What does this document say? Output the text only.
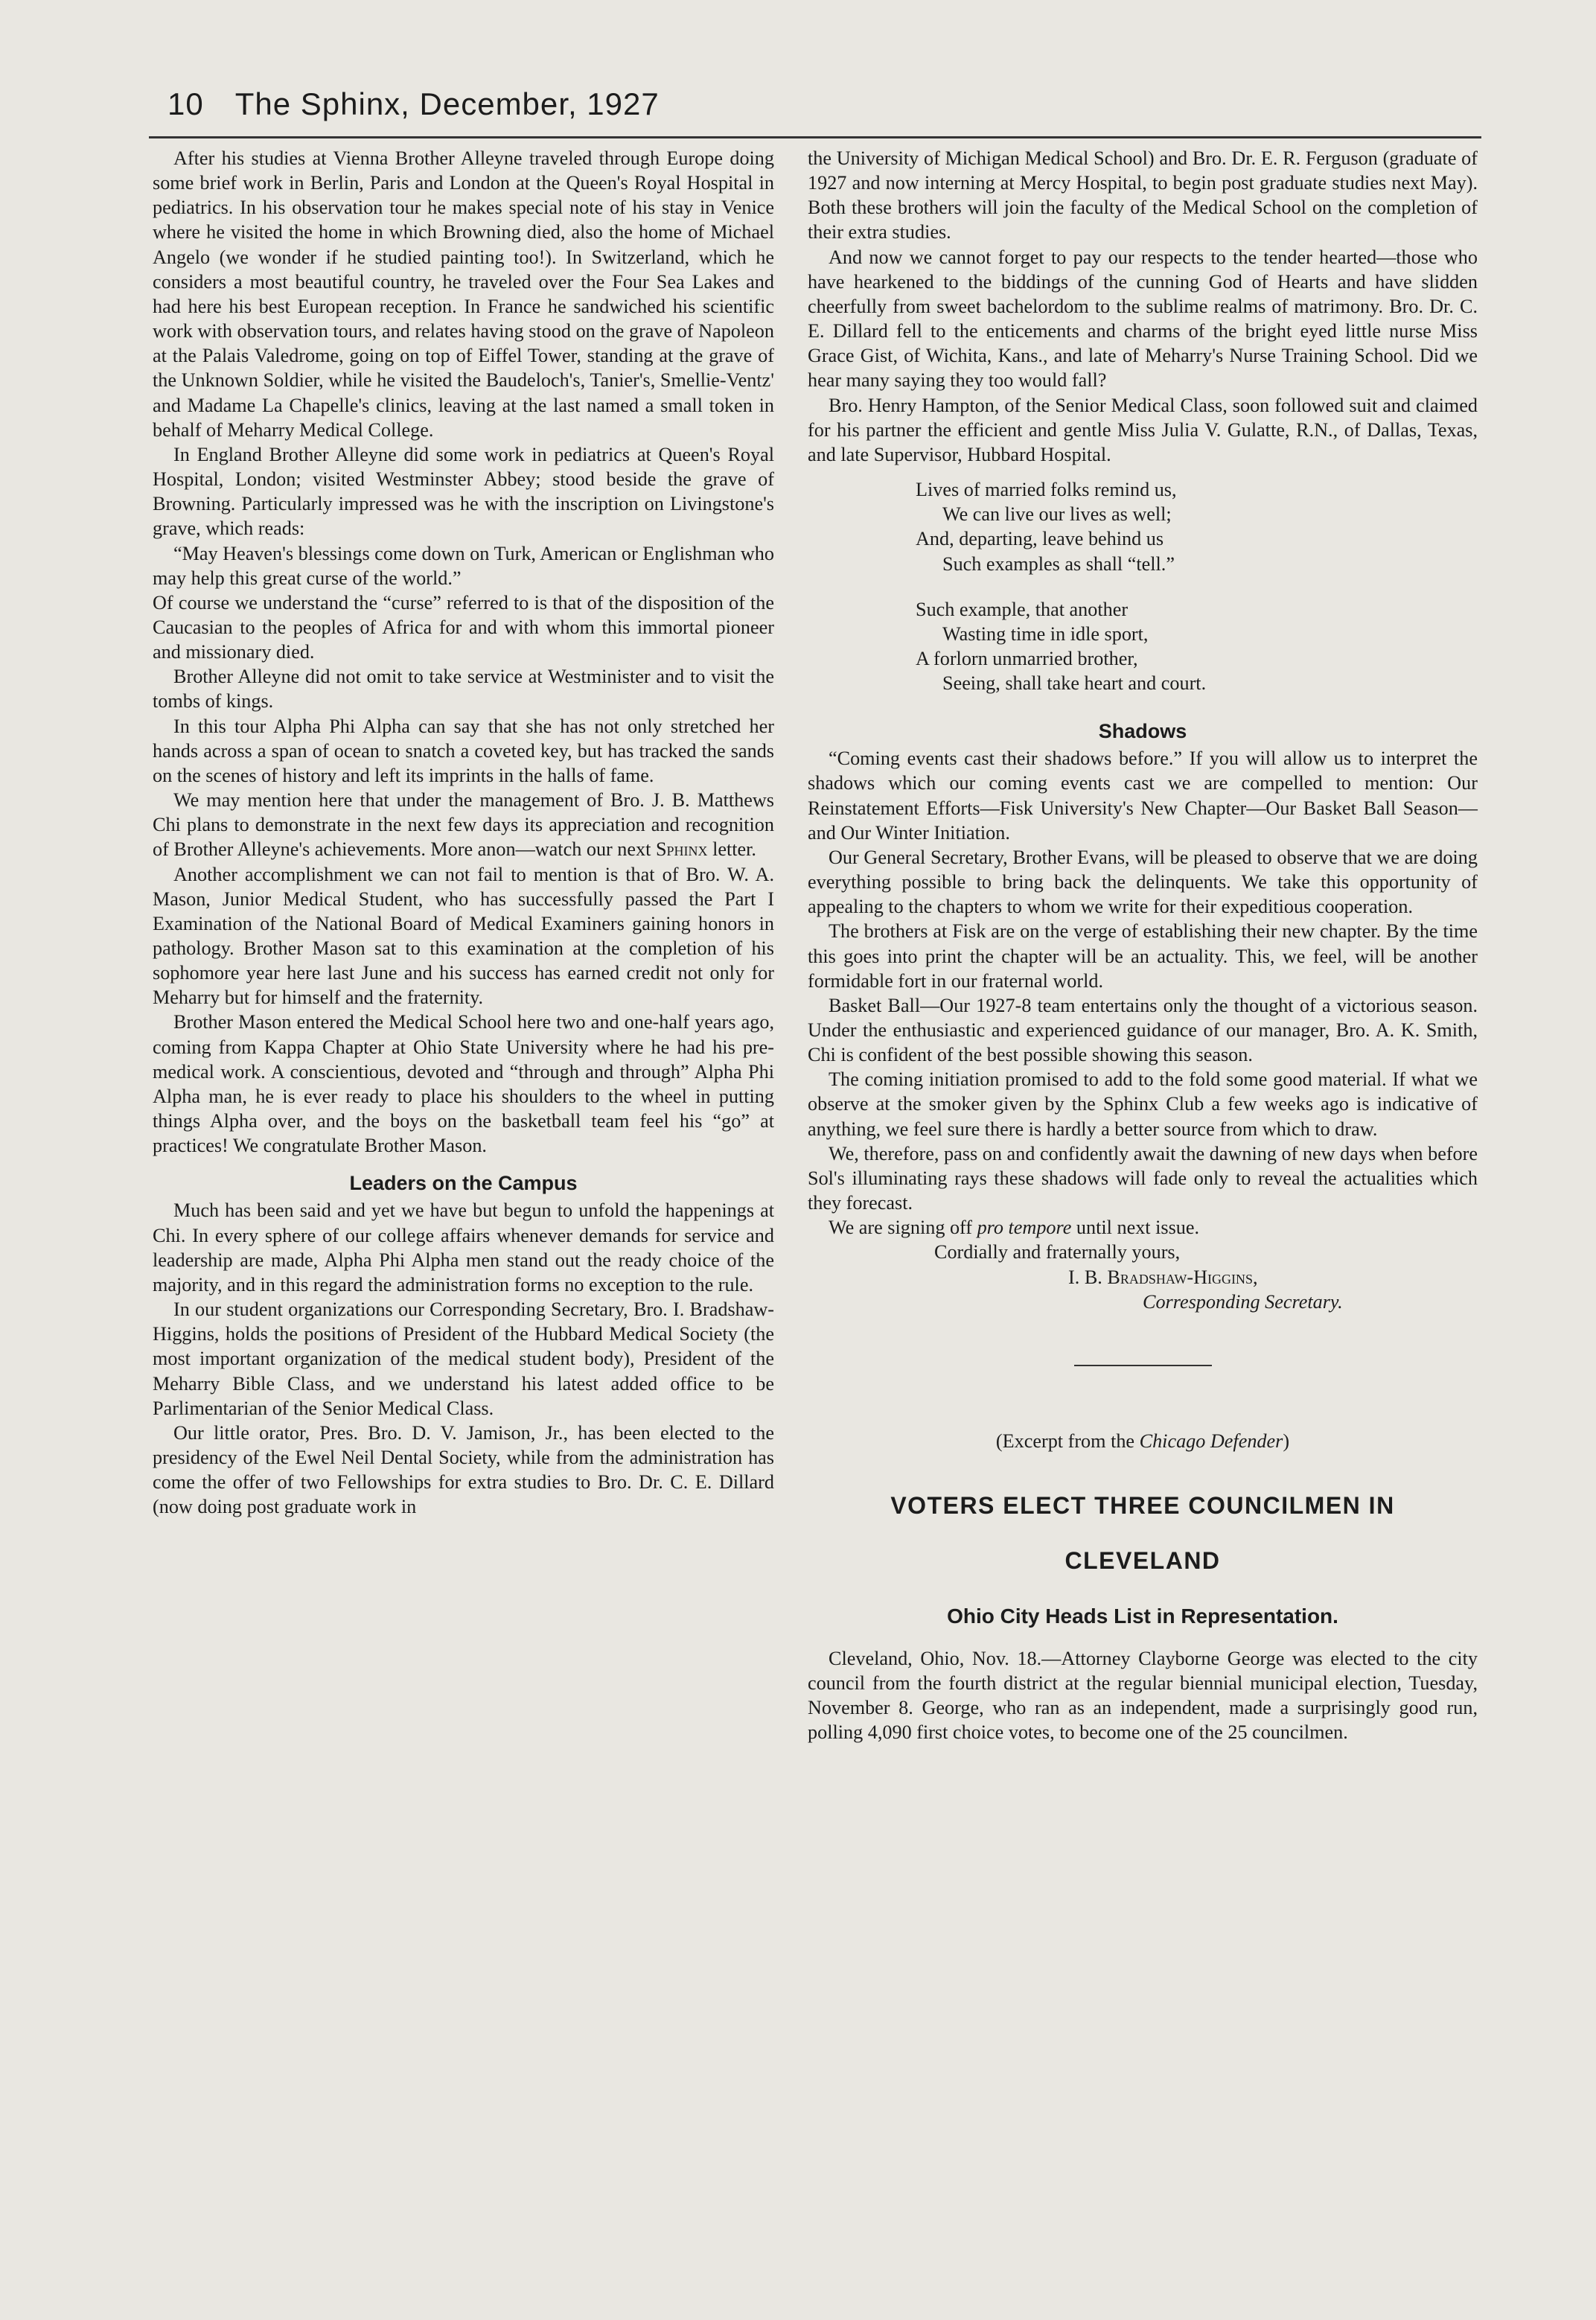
10 The Sphinx, December, 1927

After his studies at Vienna Brother Alleyne traveled through Europe doing some brief work in Berlin, Paris and London at the Queen's Royal Hospital in pediatrics. In his observation tour he makes special note of his stay in Venice where he visited the home in which Browning died, also the home of Michael Angelo (we wonder if he studied painting too!). In Switzerland, which he considers a most beautiful country, he traveled over the Four Sea Lakes and had here his best European reception. In France he sandwiched his scientific work with observation tours, and relates having stood on the grave of Napoleon at the Palais Valedrome, going on top of Eiffel Tower, standing at the grave of the Unknown Soldier, while he visited the Baudeloch's, Tanier's, Smellie-Ventz' and Madame La Chapelle's clinics, leaving at the last named a small token in behalf of Meharry Medical College.

In England Brother Alleyne did some work in pediatrics at Queen's Royal Hospital, London; visited Westminster Abbey; stood beside the grave of Browning. Particularly impressed was he with the inscription on Livingstone's grave, which reads:

“May Heaven's blessings come down on Turk, American or Englishman who may help this great curse of the world.”

Of course we understand the “curse” referred to is that of the disposition of the Caucasian to the peoples of Africa for and with whom this immortal pioneer and missionary died.

Brother Alleyne did not omit to take service at Westminister and to visit the tombs of kings.

In this tour Alpha Phi Alpha can say that she has not only stretched her hands across a span of ocean to snatch a coveted key, but has tracked the sands on the scenes of history and left its imprints in the halls of fame.

We may mention here that under the management of Bro. J. B. Matthews Chi plans to demonstrate in the next few days its appreciation and recognition of Brother Alleyne's achievements. More anon—watch our next Sphinx letter.

Another accomplishment we can not fail to mention is that of Bro. W. A. Mason, Junior Medical Student, who has successfully passed the Part I Examination of the National Board of Medical Examiners gaining honors in pathology. Brother Mason sat to this examination at the completion of his sophomore year here last June and his success has earned credit not only for Meharry but for himself and the fraternity.

Brother Mason entered the Medical School here two and one-half years ago, coming from Kappa Chapter at Ohio State University where he had his pre-medical work. A conscientious, devoted and “through and through” Alpha Phi Alpha man, he is ever ready to place his shoulders to the wheel in putting things Alpha over, and the boys on the basketball team feel his “go” at practices! We congratulate Brother Mason.

Leaders on the Campus

Much has been said and yet we have but begun to unfold the happenings at Chi. In every sphere of our college affairs whenever demands for service and leadership are made, Alpha Phi Alpha men stand out the ready choice of the majority, and in this regard the administration forms no exception to the rule.

In our student organizations our Corresponding Secretary, Bro. I. Bradshaw-Higgins, holds the positions of President of the Hubbard Medical Society (the most important organization of the medical student body), President of the Meharry Bible Class, and we understand his latest added office to be Parlimentarian of the Senior Medical Class.

Our little orator, Pres. Bro. D. V. Jamison, Jr., has been elected to the presidency of the Ewel Neil Dental Society, while from the administration has come the offer of two Fellowships for extra studies to Bro. Dr. C. E. Dillard (now doing post graduate work in

the University of Michigan Medical School) and Bro. Dr. E. R. Ferguson (graduate of 1927 and now interning at Mercy Hospital, to begin post graduate studies next May). Both these brothers will join the faculty of the Medical School on the completion of their extra studies.

And now we cannot forget to pay our respects to the tender hearted—those who have hearkened to the biddings of the cunning God of Hearts and have slidden cheerfully from sweet bachelordom to the sublime realms of matrimony. Bro. Dr. C. E. Dillard fell to the enticements and charms of the bright eyed little nurse Miss Grace Gist, of Wichita, Kans., and late of Meharry's Nurse Training School. Did we hear many saying they too would fall?

Bro. Henry Hampton, of the Senior Medical Class, soon followed suit and claimed for his partner the efficient and gentle Miss Julia V. Gulatte, R.N., of Dallas, Texas, and late Supervisor, Hubbard Hospital.

Lives of married folks remind us,
We can live our lives as well;
And, departing, leave behind us
Such examples as shall “tell.”
Such example, that another
Wasting time in idle sport,
A forlorn unmarried brother,
Seeing, shall take heart and court.
Shadows

“Coming events cast their shadows before.” If you will allow us to interpret the shadows which our coming events cast we are compelled to mention: Our Reinstatement Efforts—Fisk University's New Chapter—Our Basket Ball Season—and Our Winter Initiation.

Our General Secretary, Brother Evans, will be pleased to observe that we are doing everything possible to bring back the delinquents. We take this opportunity of appealing to the chapters to whom we write for their expeditious cooperation.

The brothers at Fisk are on the verge of establishing their new chapter. By the time this goes into print the chapter will be an actuality. This, we feel, will be another formidable fort in our fraternal world.

Basket Ball—Our 1927-8 team entertains only the thought of a victorious season. Under the enthusiastic and experienced guidance of our manager, Bro. A. K. Smith, Chi is confident of the best possible showing this season.

The coming initiation promised to add to the fold some good material. If what we observe at the smoker given by the Sphinx Club a few weeks ago is indicative of anything, we feel sure there is hardly a better source from which to draw.

We, therefore, pass on and confidently await the dawning of new days when before Sol's illuminating rays these shadows will fade only to reveal the actualities which they forecast.

We are signing off pro tempore until next issue.

Cordially and fraternally yours,
I. B. Bradshaw-Higgins,
Corresponding Secretary.
(Excerpt from the Chicago Defender)
VOTERS ELECT THREE COUNCILMEN IN
CLEVELAND
Ohio City Heads List in Representation.

Cleveland, Ohio, Nov. 18.—Attorney Clayborne George was elected to the city council from the fourth district at the regular biennial municipal election, Tuesday, November 8. George, who ran as an independent, made a surprisingly good run, polling 4,090 first choice votes, to become one of the 25 councilmen.
